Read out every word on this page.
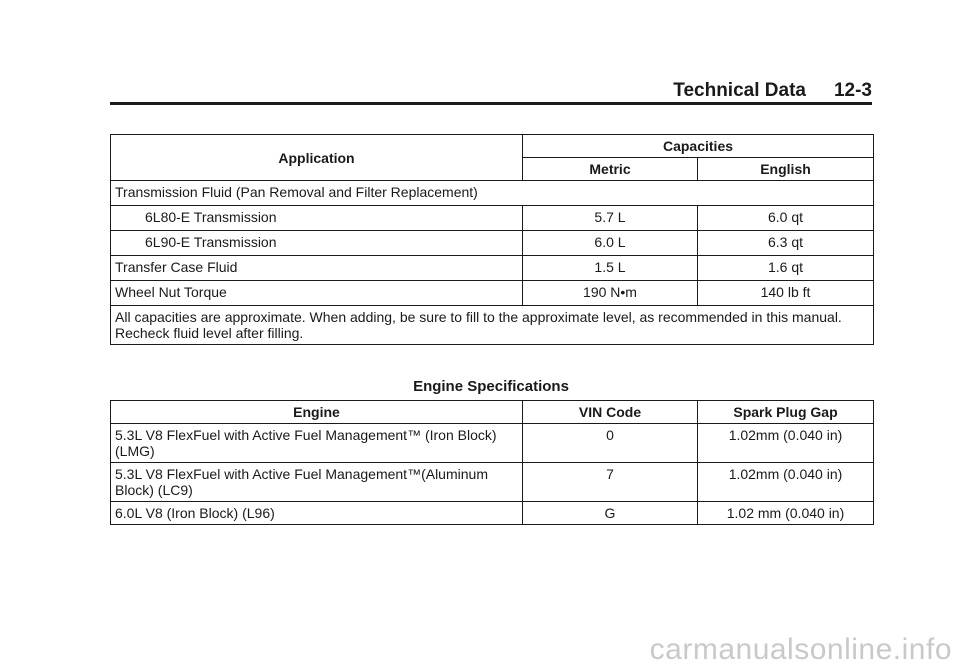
Technical Data 12-3
Application	Capacities	
	Metric	English
Transmission Fluid (Pan Removal and Filter Replacement)		
6L80-E Transmission	5.7 L	6.0 qt
6L90-E Transmission	6.0 L	6.3 qt
Transfer Case Fluid	1.5 L	1.6 qt
Wheel Nut Torque	190 N•m	140 lb ft
All capacities are approximate. When adding, be sure to fill to the approximate level, as recommended in this manual. Recheck fluid level after filling.		
Engine Specifications
Engine	VIN Code	Spark Plug Gap
5.3L V8 FlexFuel with Active Fuel Management™ (Iron Block) (LMG)	0	1.02mm (0.040 in)
5.3L V8 FlexFuel with Active Fuel Management™(Aluminum Block) (LC9)	7	1.02mm (0.040 in)
6.0L V8 (Iron Block) (L96)	G	1.02 mm (0.040 in)
carmanualsonline.info
